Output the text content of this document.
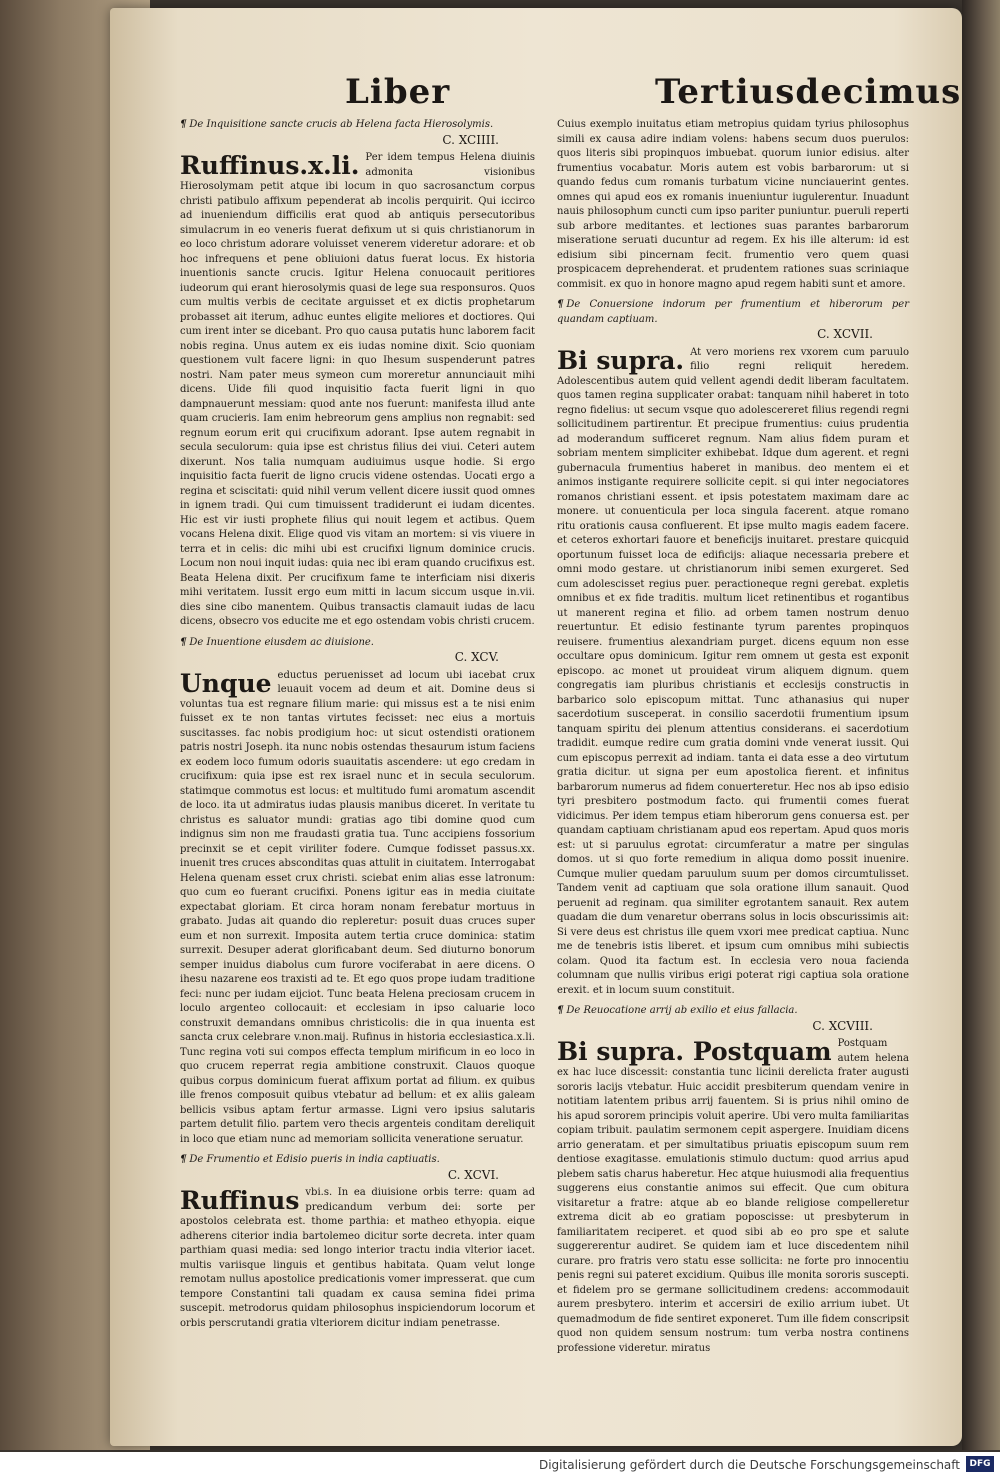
Liber	Tertiusdecimus
¶ De Inquisitione sancte crucis ab Helena facta Hierosolymis.
C. XCIIII.

Ruffinus.x.li. Per idem tempus Helena diuinis admonita visionibus Hierosolymam petit atque ibi locum in quo sacrosanctum corpus christi patibulo affixum pependerat ab incolis perquirit. Qui iccirco ad inueniendum difficilis erat quod ab antiquis persecutoribus simulacrum in eo veneris fuerat defixum ut si quis christianorum in eo loco christum adorare voluisset venerem videretur adorare: et ob hoc infrequens et pene obliuioni datus fuerat locus. Ex historia inuentionis sancte crucis. Igitur Helena conuocauit peritiores iudeorum qui erant hierosolymis quasi de lege sua responsuros. Quos cum multis verbis de cecitate arguisset et ex dictis prophetarum probasset ait iterum, adhuc euntes eligite meliores et doctiores. Qui cum irent inter se dicebant. Pro quo causa putatis hunc laborem facit nobis regina. Unus autem ex eis iudas nomine dixit. Scio quoniam questionem vult facere ligni: in quo Ihesum suspenderunt patres nostri. Nam pater meus symeon cum moreretur annunciauit mihi dicens. Uide fili quod inquisitio facta fuerit ligni in quo dampnauerunt messiam: quod ante nos fuerunt: manifesta illud ante quam crucieris. Iam enim hebreorum gens amplius non regnabit: sed regnum eorum erit qui crucifixum adorant. Ipse autem regnabit in secula seculorum: quia ipse est christus filius dei viui. Ceteri autem dixerunt. Nos talia numquam audiuimus usque hodie. Si ergo inquisitio facta fuerit de ligno crucis videne ostendas. Uocati ergo a regina et sciscitati: quid nihil verum vellent dicere iussit quod omnes in ignem tradi. Qui cum timuissent tradiderunt ei iudam dicentes. Hic est vir iusti prophete filius qui nouit legem et actibus. Quem vocans Helena dixit. Elige quod vis vitam an mortem: si vis viuere in terra et in celis: dic mihi ubi est crucifixi lignum dominice crucis. Locum non noui inquit iudas: quia nec ibi eram quando crucifixus est. Beata Helena dixit. Per crucifixum fame te interficiam nisi dixeris mihi veritatem. Iussit ergo eum mitti in lacum siccum usque in.vii. dies sine cibo manentem. Quibus transactis clamauit iudas de lacu dicens, obsecro vos educite me et ego ostendam vobis christi crucem.

¶ De Inuentione eiusdem ac diuisione.
C. XCV.

Unque eductus peruenisset ad locum ubi iacebat crux leuauit vocem ad deum et ait. Domine deus si voluntas tua est regnare filium marie: qui missus est a te nisi enim fuisset ex te non tantas virtutes fecisset: nec eius a mortuis suscitasses. fac nobis prodigium hoc: ut sicut ostendisti orationem patris nostri Joseph. ita nunc nobis ostendas thesaurum istum faciens ex eodem loco fumum odoris suauitatis ascendere: ut ego credam in crucifixum: quia ipse est rex israel nunc et in secula seculorum. statimque commotus est locus: et multitudo fumi aromatum ascendit de loco. ita ut admiratus iudas plausis manibus diceret. In veritate tu christus es saluator mundi: gratias ago tibi domine quod cum indignus sim non me fraudasti gratia tua. Tunc accipiens fossorium precinxit se et cepit viriliter fodere. Cumque fodisset passus.xx. inuenit tres cruces absconditas quas attulit in ciuitatem. Interrogabat Helena quenam esset crux christi. sciebat enim alias esse latronum: quo cum eo fuerant crucifixi. Ponens igitur eas in media ciuitate expectabat gloriam. Et circa horam nonam ferebatur mortuus in grabato. Judas ait quando dio repleretur: posuit duas cruces super eum et non surrexit. Imposita autem tertia cruce dominica: statim surrexit. Desuper aderat glorificabant deum. Sed diuturno bonorum semper inuidus diabolus cum furore vociferabat in aere dicens. O ihesu nazarene eos traxisti ad te. Et ego quos prope iudam traditione feci: nunc per iudam eijciot. Tunc beata Helena preciosam crucem in loculo argenteo collocauit: et ecclesiam in ipso caluarie loco construxit demandans omnibus christicolis: die in qua inuenta est sancta crux celebrare v.non.maij. Rufinus in historia ecclesiastica.x.li. Tunc regina voti sui compos effecta templum mirificum in eo loco in quo crucem reperrat regia ambitione construxit. Clauos quoque quibus corpus dominicum fuerat affixum portat ad filium. ex quibus ille frenos composuit quibus vtebatur ad bellum: et ex aliis galeam bellicis vsibus aptam fertur armasse. Ligni vero ipsius salutaris partem detulit filio. partem vero thecis argenteis conditam dereliquit in loco que etiam nunc ad memoriam sollicita veneratione seruatur.

¶ De Frumentio et Edisio pueris in india captiuatis.
C. XCVI.

Ruffinus vbi.s. In ea diuisione orbis terre: quam ad predicandum verbum dei: sorte per apostolos celebrata est. thome parthia: et matheo ethyopia. eique adherens citerior india bartolemeo dicitur sorte decreta. inter quam parthiam quasi media: sed longo interior tractu india vlterior iacet. multis variisque linguis et gentibus habitata. Quam velut longe remotam nullus apostolice predicationis vomer impresserat. que cum tempore Constantini tali quadam ex causa semina fidei prima suscepit. metrodorus quidam philosophus inspiciendorum locorum et orbis perscrutandi gratia vlteriorem dicitur indiam penetrasse.

Cuius exemplo inuitatus etiam metropius quidam tyrius philosophus simili ex causa adire indiam volens: habens secum duos puerulos: quos literis sibi propinquos imbuebat. quorum iunior edisius. alter frumentius vocabatur. Moris autem est vobis barbarorum: ut si quando fedus cum romanis turbatum vicine nunciauerint gentes. omnes qui apud eos ex romanis inueniuntur iugulerentur. Inuadunt nauis philosophum cuncti cum ipso pariter puniuntur. pueruli reperti sub arbore meditantes. et lectiones suas parantes barbarorum miseratione seruati ducuntur ad regem. Ex his ille alterum: id est edisium sibi pincernam fecit. frumentio vero quem quasi prospicacem deprehenderat. et prudentem rationes suas scriniaque commisit. ex quo in honore magno apud regem habiti sunt et amore.

¶ De Conuersione indorum per frumentium et hiberorum per quandam captiuam.
C. XCVII.

Bi supra. At vero moriens rex vxorem cum paruulo filio regni reliquit heredem. Adolescentibus autem quid vellent agendi dedit liberam facultatem. quos tamen regina supplicater orabat: tanquam nihil haberet in toto regno fidelius: ut secum vsque quo adolescereret filius regendi regni sollicitudinem partirentur. Et precipue frumentius: cuius prudentia ad moderandum sufficeret regnum. Nam alius fidem puram et sobriam mentem simpliciter exhibebat. Idque dum agerent. et regni gubernacula frumentius haberet in manibus. deo mentem ei et animos instigante requirere sollicite cepit. si qui inter negociatores romanos christiani essent. et ipsis potestatem maximam dare ac monere. ut conuenticula per loca singula facerent. atque romano ritu orationis causa confluerent. Et ipse multo magis eadem facere. et ceteros exhortari fauore et beneficijs inuitaret. prestare quicquid oportunum fuisset loca de edificijs: aliaque necessaria prebere et omni modo gestare. ut christianorum inibi semen exurgeret. Sed cum adolescisset regius puer. peractioneque regni gerebat. expletis omnibus et ex fide traditis. multum licet retinentibus et rogantibus ut manerent regina et filio. ad orbem tamen nostrum denuo reuertuntur. Et edisio festinante tyrum parentes propinquos reuisere. frumentius alexandriam purget. dicens equum non esse occultare opus dominicum. Igitur rem omnem ut gesta est exponit episcopo. ac monet ut prouideat virum aliquem dignum. quem congregatis iam pluribus christianis et ecclesijs constructis in barbarico solo episcopum mittat. Tunc athanasius qui nuper sacerdotium susceperat. in consilio sacerdotii frumentium ipsum tanquam spiritu dei plenum attentius considerans. ei sacerdotium tradidit. eumque redire cum gratia domini vnde venerat iussit. Qui cum episcopus perrexit ad indiam. tanta ei data esse a deo virtutum gratia dicitur. ut signa per eum apostolica fierent. et infinitus barbarorum numerus ad fidem conuerteretur. Hec nos ab ipso edisio tyri presbitero postmodum facto. qui frumentii comes fuerat vidicimus. Per idem tempus etiam hiberorum gens conuersa est. per quandam captiuam christianam apud eos repertam. Apud quos moris est: ut si paruulus egrotat: circumferatur a matre per singulas domos. ut si quo forte remedium in aliqua domo possit inuenire. Cumque mulier quedam paruulum suum per domos circumtulisset. Tandem venit ad captiuam que sola oratione illum sanauit. Quod peruenit ad reginam. qua similiter egrotantem sanauit. Rex autem quadam die dum venaretur oberrans solus in locis obscurissimis ait: Si vere deus est christus ille quem vxori mee predicat captiua. Nunc me de tenebris istis liberet. et ipsum cum omnibus mihi subiectis colam. Quod ita factum est. In ecclesia vero noua facienda columnam que nullis viribus erigi poterat rigi captiua sola oratione erexit. et in locum suum constituit.

¶ De Reuocatione arrij ab exilio et eius fallacia.
C. XCVIII.

Bi supra. Postquam Postquam autem helena ex hac luce discessit: constantia tunc licinii derelicta frater augusti sororis lacijs vtebatur. Huic accidit presbiterum quendam venire in notitiam latentem pribus arrij fauentem. Si is prius nihil omino de his apud sororem principis voluit aperire. Ubi vero multa familiaritas copiam tribuit. paulatim sermonem cepit aspergere. Inuidiam dicens arrio generatam. et per simultatibus priuatis episcopum suum rem dentiose exagitasse. emulationis stimulo ductum: quod arrius apud plebem satis charus haberetur. Hec atque huiusmodi alia frequentius suggerens eius constantie animos sui effecit. Que cum obitura visitaretur a fratre: atque ab eo blande religiose compelleretur extrema dicit ab eo gratiam poposcisse: ut presbyterum in familiaritatem reciperet. et quod sibi ab eo pro spe et salute suggererentur audiret. Se quidem iam et luce discedentem nihil curare. pro fratris vero statu esse sollicita: ne forte pro innocentiu penis regni sui pateret excidium. Quibus ille monita sororis suscepti. et fidelem pro se germane sollicitudinem credens: accommodauit aurem presbytero. interim et accersiri de exilio arrium iubet. Ut quemadmodum de fide sentiret exponeret. Tum ille fidem conscripsit quod non quidem sensum nostrum: tum verba nostra continens professione videretur. miratus

Digitalisierung gefördert durch die Deutsche Forschungsgemeinschaft	DFG
